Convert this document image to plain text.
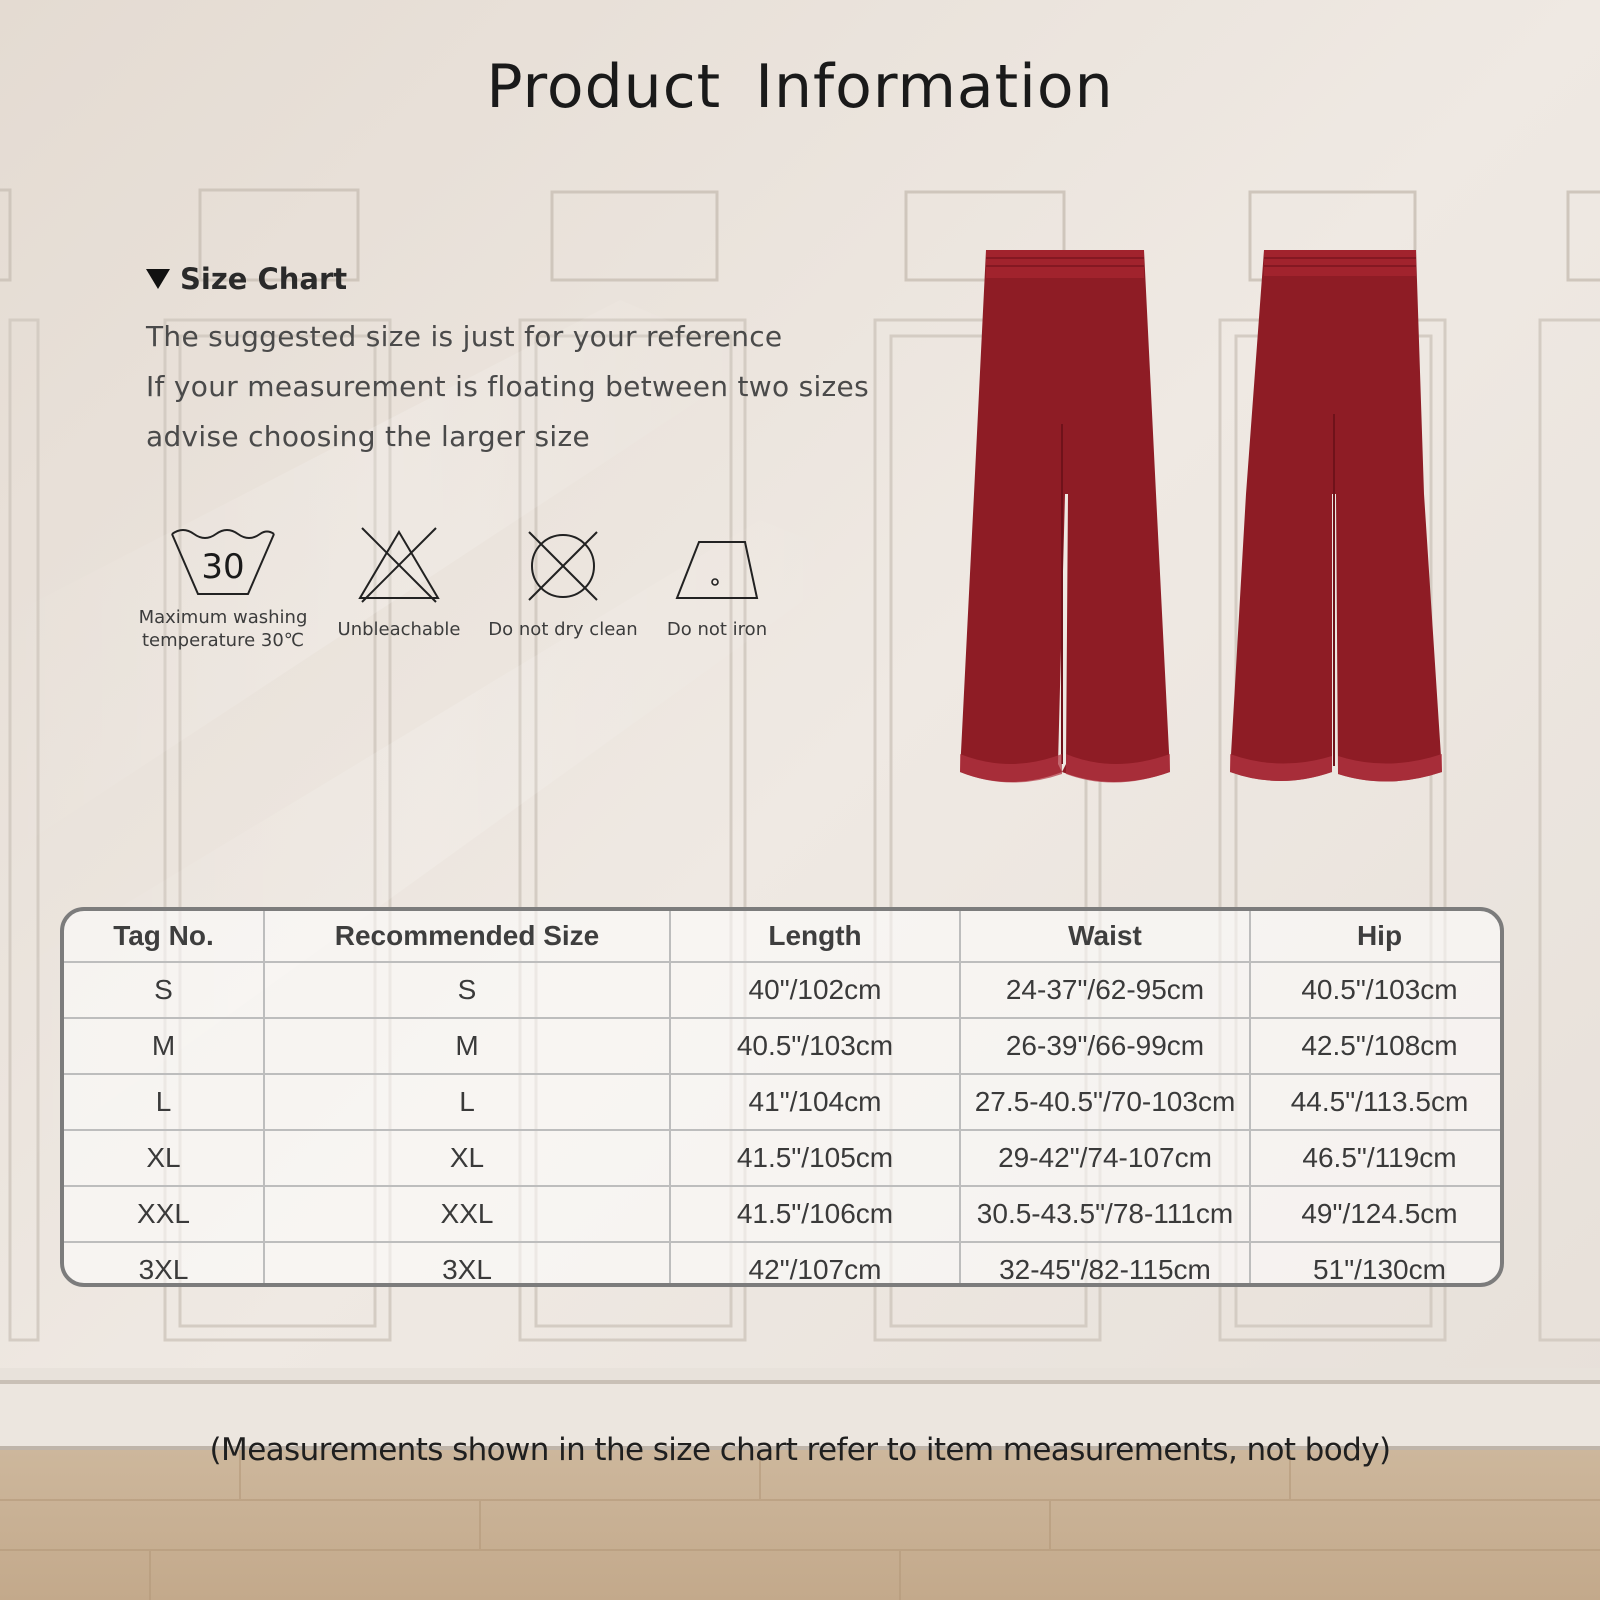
Product Information
Size Chart
The suggested size is just for your reference
If your measurement is floating between two sizes
advise choosing the larger size
30
Maximum washing temperature 30℃
Unbleachable	Do not dry clean	Do not iron
Tag No.	Recommended Size	Length	Waist	Hip
S	S	40"/102cm	24-37"/62-95cm	40.5"/103cm
M	M	40.5"/103cm	26-39"/66-99cm	42.5"/108cm
L	L	41"/104cm	27.5-40.5"/70-103cm	44.5"/113.5cm
XL	XL	41.5"/105cm	29-42"/74-107cm	46.5"/119cm
XXL	XXL	41.5"/106cm	30.5-43.5"/78-111cm	49"/124.5cm
3XL	3XL	42"/107cm	32-45"/82-115cm	51"/130cm
(Measurements shown in the size chart refer to item measurements, not body)
